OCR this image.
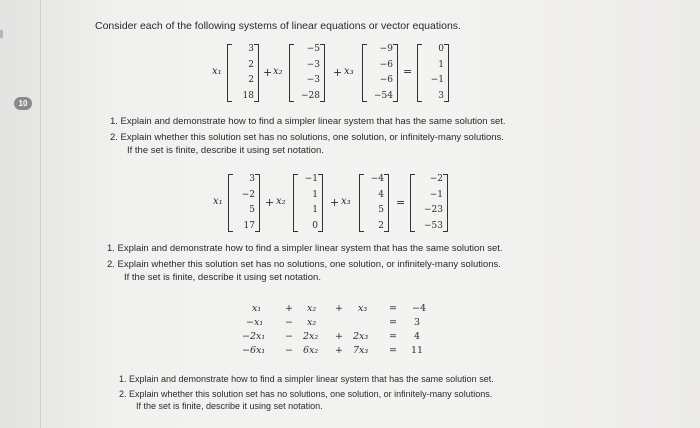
10
Consider each of the following systems of linear equations or vector equations.
x₁
3
2
2
18
+ x₂
−5
−3
−3
−28
+ x₃
−9
−6
−6
−54
=
0
1
−1
3
1. Explain and demonstrate how to find a simpler linear system that has the same solution set.
2. Explain whether this solution set has no solutions, one solution, or infinitely-many solutions.
If the set is finite, describe it using set notation.
x₁
3
−2
5
17
+ x₂
−1
1
1
0
+ x₃
−4
4
5
2
=
−2
−1
−23
−53
1. Explain and demonstrate how to find a simpler linear system that has the same solution set.
2. Explain whether this solution set has no solutions, one solution, or infinitely-many solutions.
If the set is finite, describe it using set notation.
x₁	+ x₂ + x₃ = −4
−x₁ − x₂	= 3
−2x₁ − 2x₂ + 2x₃ = 4
−6x₁ − 6x₂ + 7x₃ = 11
1. Explain and demonstrate how to find a simpler linear system that has the same solution set.
2. Explain whether this solution set has no solutions, one solution, or infinitely-many solutions.
If the set is finite, describe it using set notation.
